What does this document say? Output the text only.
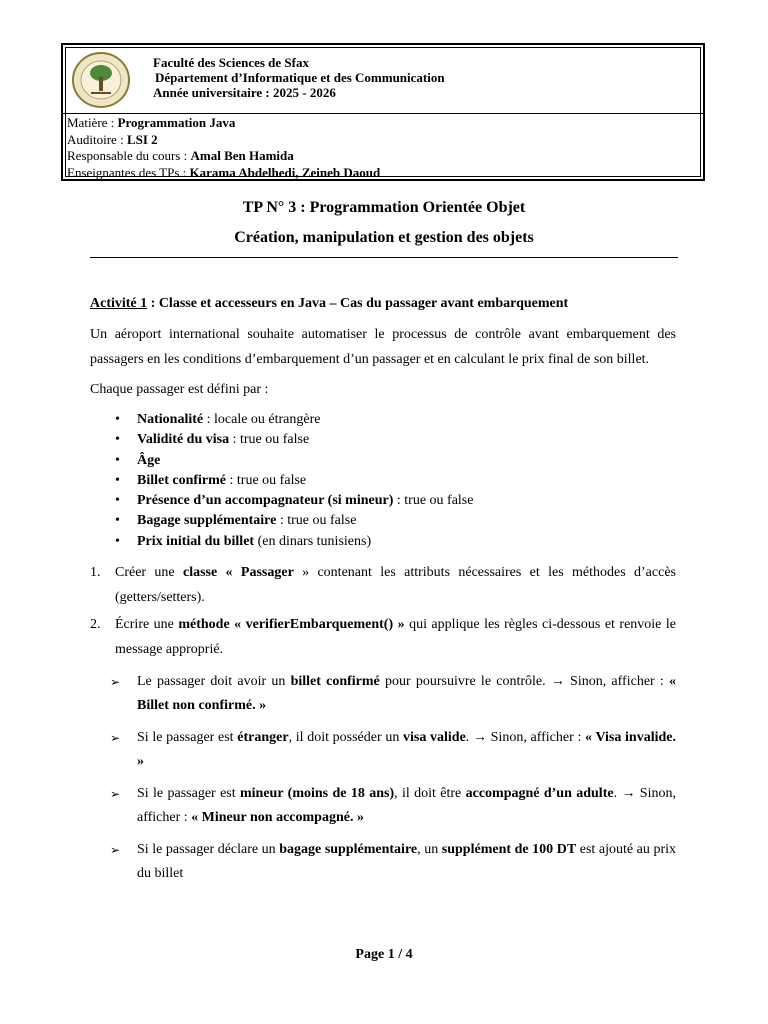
Faculté des Sciences de Sfax
Département d’Informatique et des Communication
Année universitaire : 2025 - 2026
Matière : Programmation Java
Auditoire : LSI 2
Responsable du cours : Amal Ben Hamida
Enseignantes des TPs : Karama Abdelhedi, Zeineb Daoud
TP N° 3 : Programmation Orientée Objet
Création, manipulation et gestion des objets

Activité 1 : Classe et accesseurs en Java – Cas du passager avant embarquement

Un aéroport international souhaite automatiser le processus de contrôle avant embarquement des passagers en les conditions d’embarquement d’un passager et en calculant le prix final de son billet.

Chaque passager est défini par :

• Nationalité : locale ou étrangère
• Validité du visa : true ou false
• Âge
• Billet confirmé : true ou false
• Présence d’un accompagnateur (si mineur) : true ou false
• Bagage supplémentaire : true ou false
• Prix initial du billet (en dinars tunisiens)
1. Créer une classe « Passager » contenant les attributs nécessaires et les méthodes d’accès (getters/setters).
2. Écrire une méthode « verifierEmbarquement() » qui applique les règles ci-dessous et renvoie le message approprié.
➢ Le passager doit avoir un billet confirmé pour poursuivre le contrôle. → Sinon, afficher : « Billet non confirmé. »
➢ Si le passager est étranger, il doit posséder un visa valide. → Sinon, afficher : « Visa invalide. »
➢ Si le passager est mineur (moins de 18 ans), il doit être accompagné d’un adulte. → Sinon, afficher : « Mineur non accompagné. »
➢ Si le passager déclare un bagage supplémentaire, un supplément de 100 DT est ajouté au prix du billet
Page 1 / 4
